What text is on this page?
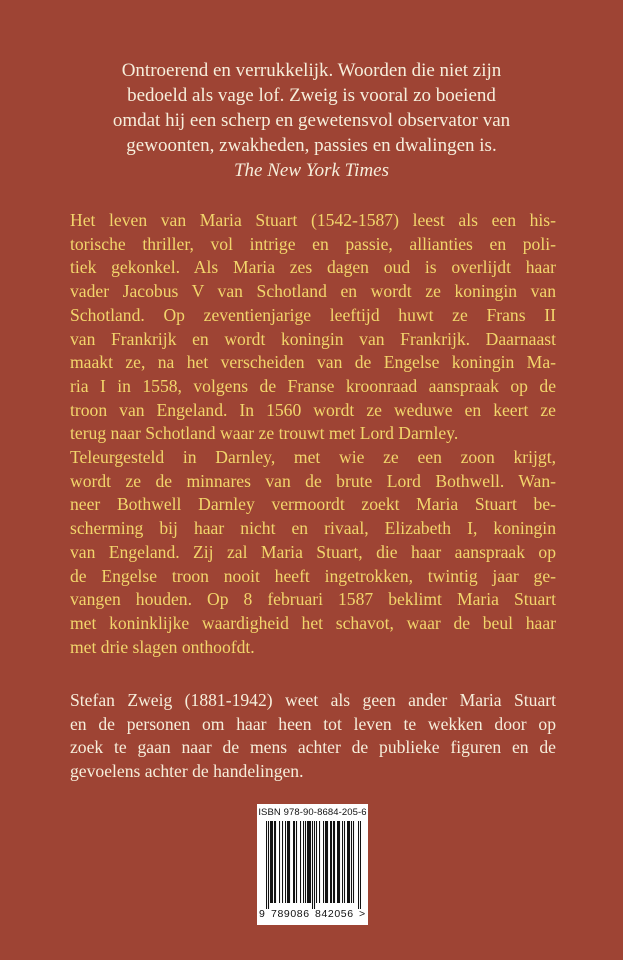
Ontroerend en verrukkelijk. Woorden die niet zijn
bedoeld als vage lof. Zweig is vooral zo boeiend
omdat hij een scherp en gewetensvol observator van
gewoonten, zwakheden, passies en dwalingen is.
The New York Times
Het leven van Maria Stuart (1542-1587) leest als een his-
torische thriller, vol intrige en passie, allianties en poli-
tiek gekonkel. Als Maria zes dagen oud is overlijdt haar
vader Jacobus V van Schotland en wordt ze koningin van
Schotland. Op zeventienjarige leeftijd huwt ze Frans II
van Frankrijk en wordt koningin van Frankrijk. Daarnaast
maakt ze, na het verscheiden van de Engelse koningin Ma-
ria I in 1558, volgens de Franse kroonraad aanspraak op de
troon van Engeland. In 1560 wordt ze weduwe en keert ze
terug naar Schotland waar ze trouwt met Lord Darnley.
Teleurgesteld in Darnley, met wie ze een zoon krijgt,
wordt ze de minnares van de brute Lord Bothwell. Wan-
neer Bothwell Darnley vermoordt zoekt Maria Stuart be-
scherming bij haar nicht en rivaal, Elizabeth I, koningin
van Engeland. Zij zal Maria Stuart, die haar aanspraak op
de Engelse troon nooit heeft ingetrokken, twintig jaar ge-
vangen houden. Op 8 februari 1587 beklimt Maria Stuart
met koninklijke waardigheid het schavot, waar de beul haar
met drie slagen onthoofdt.
Stefan Zweig (1881-1942) weet als geen ander Maria Stuart
en de personen om haar heen tot leven te wekken door op
zoek te gaan naar de mens achter de publieke figuren en de
gevoelens achter de handelingen.
ISBN 978-90-8684-205-6
9 789086 842056 >
